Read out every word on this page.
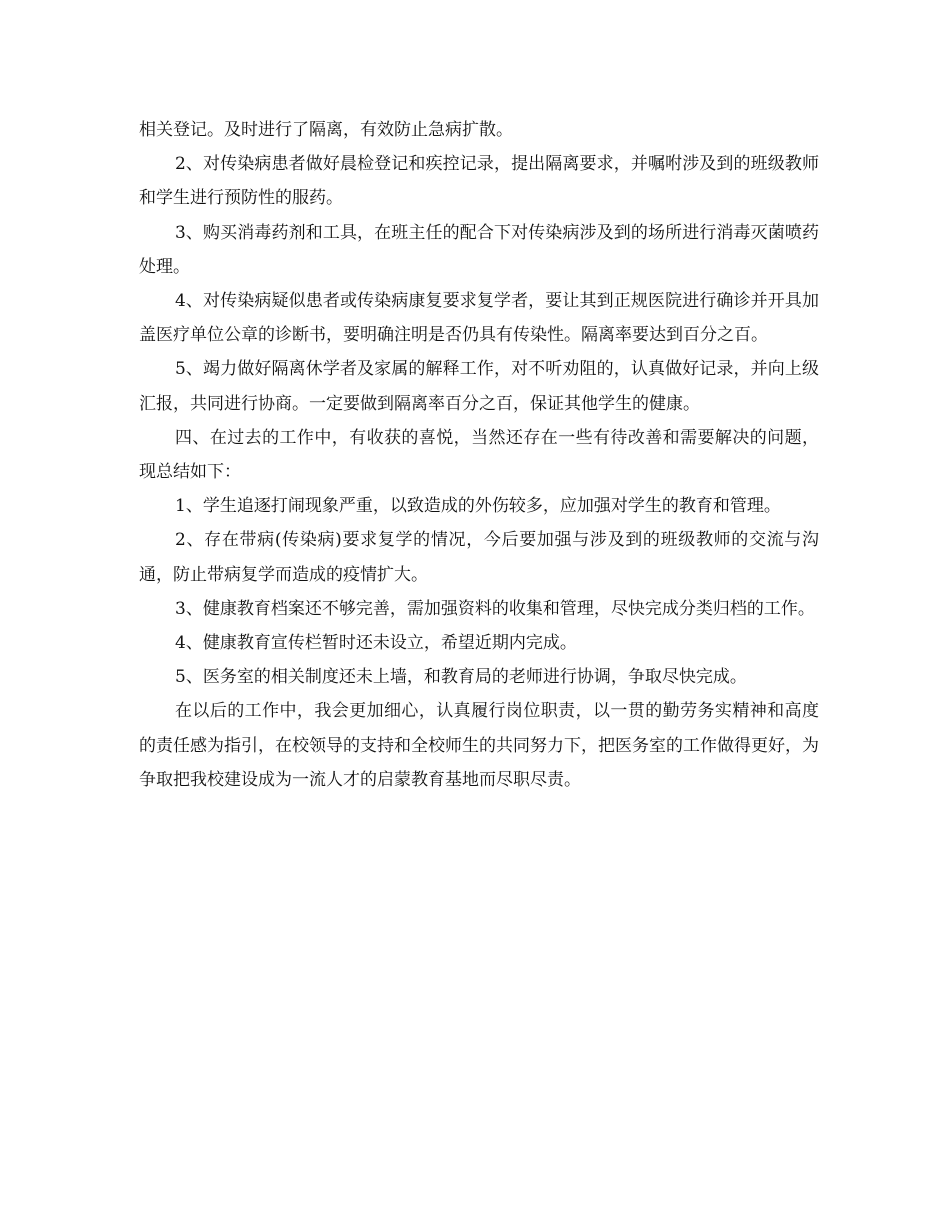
相关登记。及时进行了隔离，有效防止急病扩散。

2、对传染病患者做好晨检登记和疾控记录，提出隔离要求，并嘱咐涉及到的班级教师和学生进行预防性的服药。

3、购买消毒药剂和工具，在班主任的配合下对传染病涉及到的场所进行消毒灭菌喷药处理。

4、对传染病疑似患者或传染病康复要求复学者，要让其到正规医院进行确诊并开具加盖医疗单位公章的诊断书，要明确注明是否仍具有传染性。隔离率要达到百分之百。

5、竭力做好隔离休学者及家属的解释工作，对不听劝阻的，认真做好记录，并向上级汇报，共同进行协商。一定要做到隔离率百分之百，保证其他学生的健康。

四、在过去的工作中，有收获的喜悦，当然还存在一些有待改善和需要解决的问题，现总结如下：

1、学生追逐打闹现象严重，以致造成的外伤较多，应加强对学生的教育和管理。

2、存在带病(传染病)要求复学的情况，今后要加强与涉及到的班级教师的交流与沟通，防止带病复学而造成的疫情扩大。

3、健康教育档案还不够完善，需加强资料的收集和管理，尽快完成分类归档的工作。

4、健康教育宣传栏暂时还未设立，希望近期内完成。

5、医务室的相关制度还未上墙，和教育局的老师进行协调，争取尽快完成。

在以后的工作中，我会更加细心，认真履行岗位职责，以一贯的勤劳务实精神和高度的责任感为指引，在校领导的支持和全校师生的共同努力下，把医务室的工作做得更好，为争取把我校建设成为一流人才的启蒙教育基地而尽职尽责。
